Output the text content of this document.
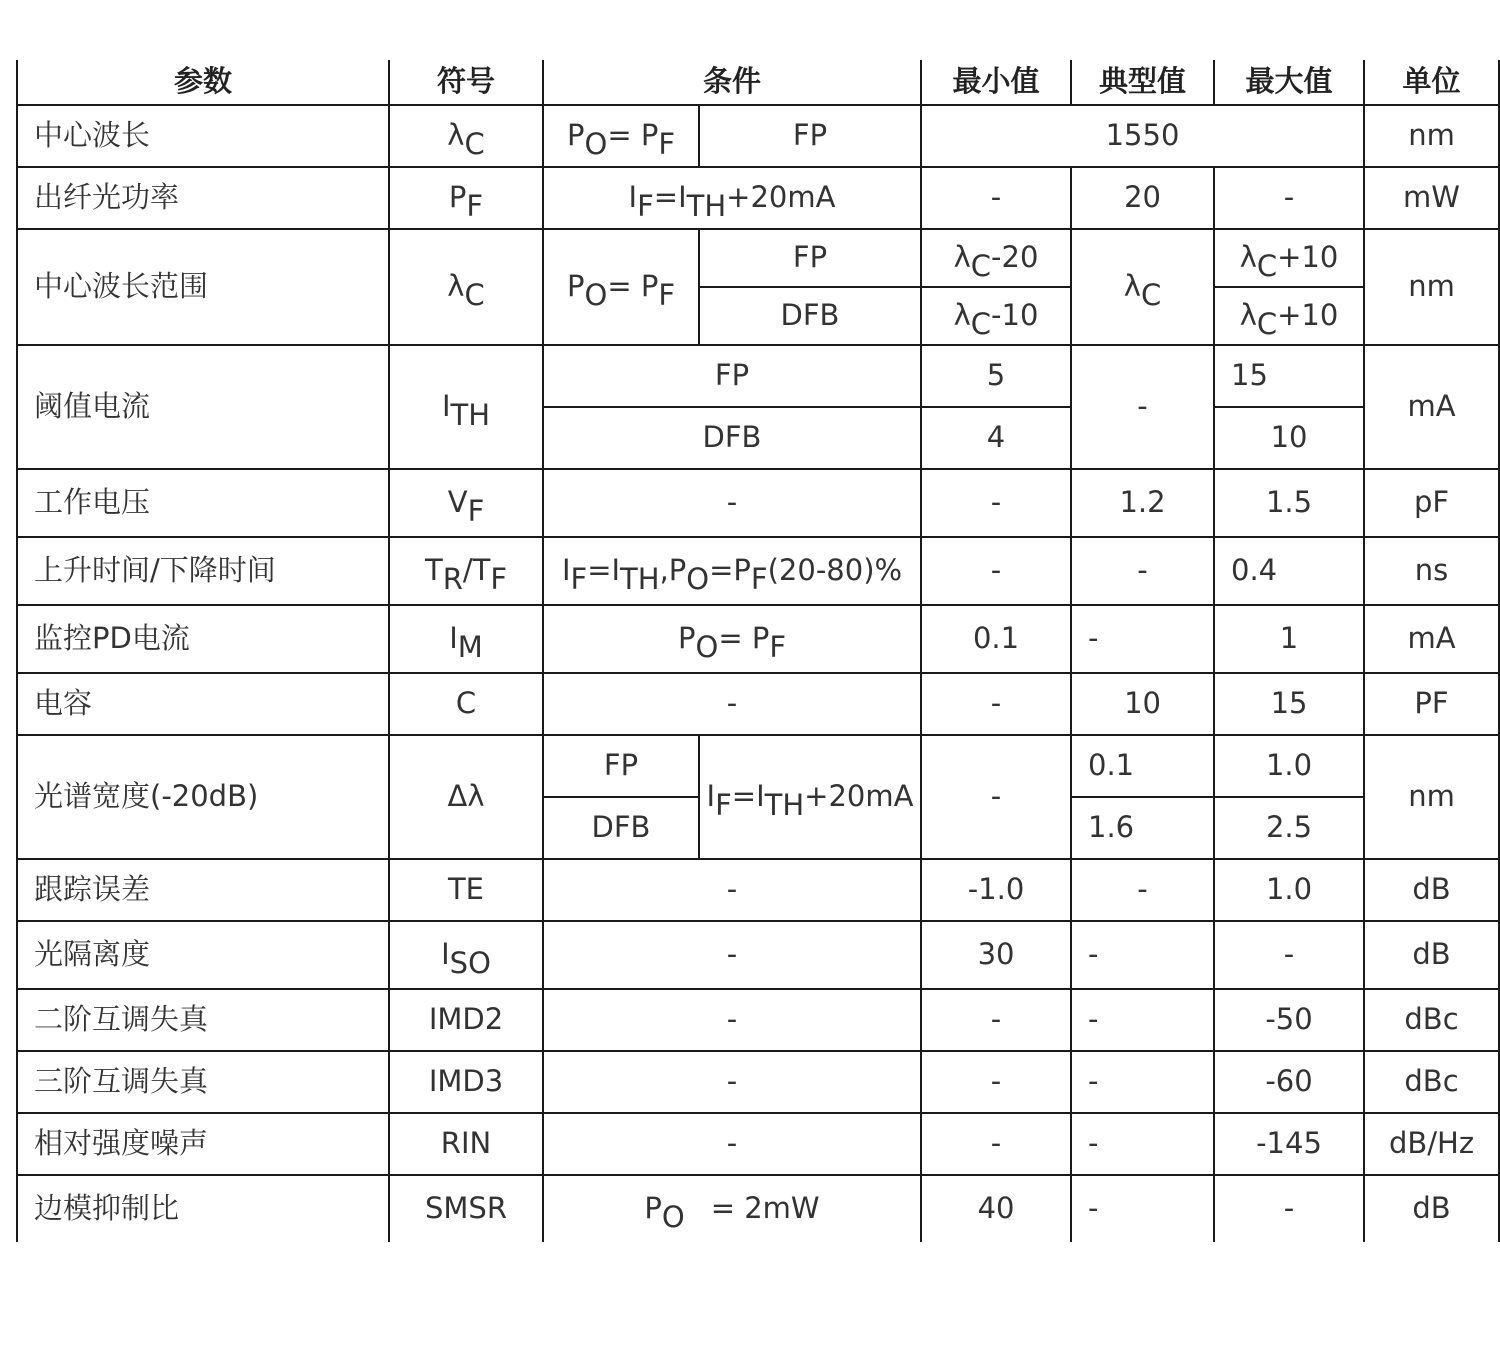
参数	符号	条件		最小值	典型值	最大值	单位
中心波长	$\lambda_C$	$P_O= P_F$	FP	1550			nm
出纤光功率	$P_F$	$I_F=I_{TH}+20mA$		-	20	-	mW
中心波长范围	$\lambda_C$	$P_O= P_F$	FP	$\lambda_C-20$	$\lambda_C$	$\lambda_C+10$	nm
			DFB	$\lambda_C-10$		$\lambda_C+10$	
阈值电流	$I_{TH}$	FP		5	-	15	mA
		DFB		4		10	
工作电压	$V_F$	-		-	1.2	1.5	pF
上升时间/下降时间	$T_R/T_F$	$I_F=I_{TH},P_O=P_F(20-80)\%$		-	-	0.4	ns
监控PD电流	$I_M$	$P_O= P_F$		0.1	-	1	mA
电容	C	-		-	10	15	PF
光谱宽度(-20dB)	Δλ	FP	$I_F=I_{TH}+20mA$	-	0.1	1.0	nm
		DFB			1.6	2.5	
跟踪误差	TE	-		-1.0	-	1.0	dB
光隔离度	$I_{SO}$	-		30	-	-	dB
二阶互调失真	IMD2	-		-	-	-50	dBc
三阶互调失真	IMD3	-		-	-	-60	dBc
相对强度噪声	RIN	-		-	-	-145	dB/Hz
边模抑制比	SMSR	$P_O = 2mW$		40	-	-	dB
